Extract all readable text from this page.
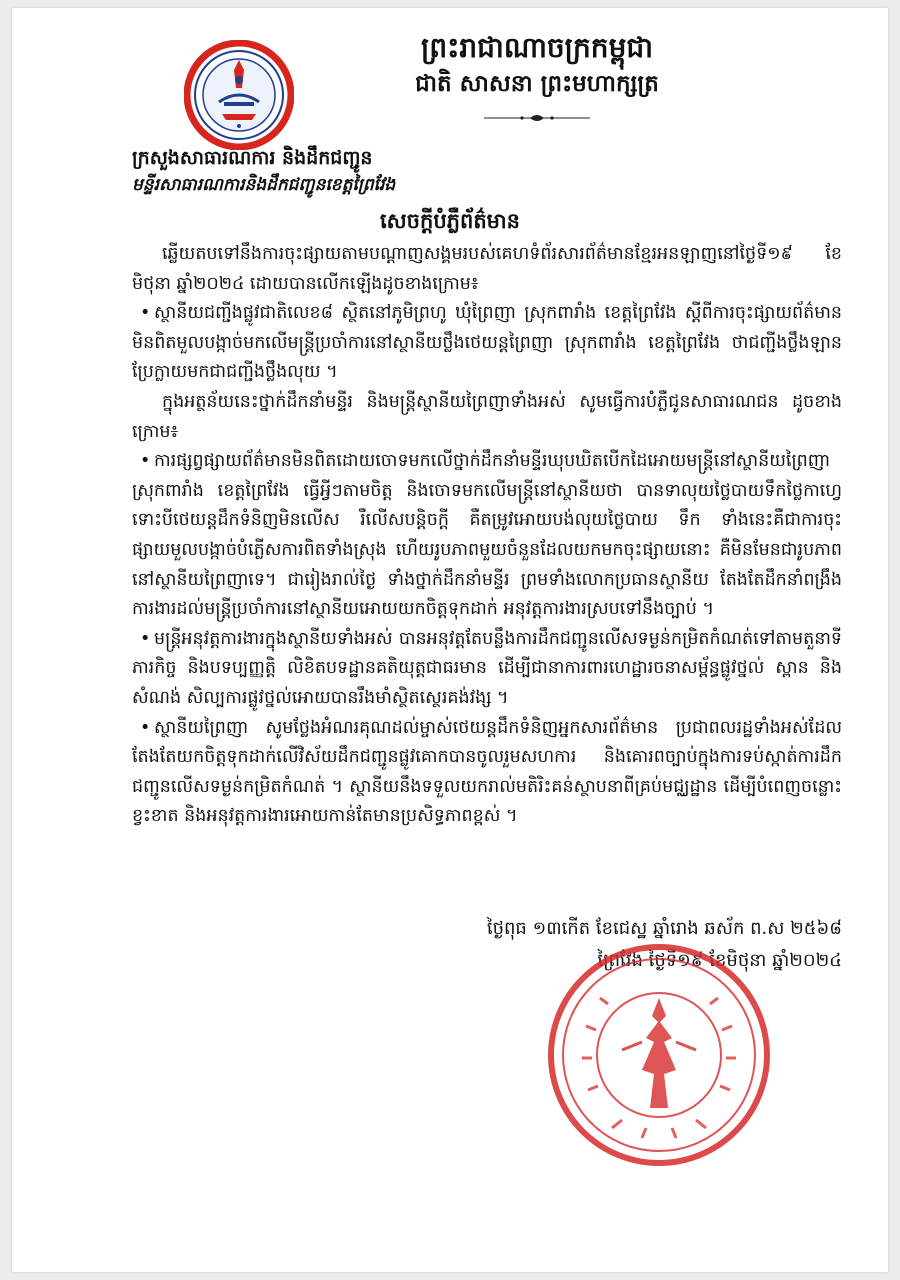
ព្រះរាជាណាចក្រកម្ពុជា
ជាតិ សាសនា ព្រះមហាក្សត្រ
ក្រសួងសាធារណការ និងដឹកជញ្ជូន
មន្ទីរសាធារណការនិងដឹកជញ្ជូនខេត្តព្រៃវែង
សេចក្តីបំភ្លឺព័ត៌មាន

ឆ្លើយតបទៅនឹងការចុះផ្សាយតាមបណ្តាញសង្គមរបស់គេហទំព័រសារព័ត៌មានខ្មែរអនឡាញនៅថ្ងៃទី១៩ ខែមិថុនា ឆ្នាំ២០២៤ ដោយបានលើកឡើងដូចខាងក្រោម៖

• ស្ថានីយជញ្ជីងផ្លូវជាតិលេខ៨ ស្ថិតនៅភូមិព្រហូ ឃុំព្រៃញា ស្រុកពារាំង ខេត្តព្រៃវែង ស្តីពីការចុះផ្សាយព័ត៌មានមិនពិតមួលបង្កាច់មកលើមន្ត្រីប្រចាំការនៅស្ថានីយថ្លឹងថេយន្តព្រៃញា ស្រុកពារាំង ខេត្តព្រៃវែង ថាជញ្ជីងថ្លឹងឡាន ប្រែក្លាយមកជាជញ្ជីងថ្លឹងលុយ ។

ក្នុងអត្ថន័យនេះថ្នាក់ដឹកនាំមន្ទីរ និងមន្ត្រីស្ថានីយព្រៃញាទាំងអស់ សូមធ្វើការបំភ្លឺជូនសាធារណជន ដូចខាងក្រោម៖

• ការផ្សព្វផ្សាយព័ត៌មានមិនពិតដោយចោទមកលើថ្នាក់ដឹកនាំមន្ទីរឃុបឃិតបើកដៃអោយមន្ត្រីនៅស្ថានីយព្រៃញាស្រុកពារាំង ខេត្តព្រៃវែង ធ្វើអ្វីៗតាមចិត្ត និងចោទមកលើមន្ត្រីនៅស្ថានីយថា បានទាលុយថ្លៃបាយទឹកថ្លៃកាហ្វេ ទោះបីថេយន្តដឹកទំនិញមិនលើស រឺលើសបន្តិចក្តី គឺតម្រូវអោយបង់លុយថ្លៃបាយ ទឹក ទាំងនេះគឺជាការចុះផ្សាយមួលបង្កាច់បំភ្លើសការពិតទាំងស្រុង ហើយរូបភាពមួយចំនួនដែលយកមកចុះផ្សាយនោះ គឺមិនមែនជារូបភាពនៅស្ថានីយព្រៃញាទេ។ ជារៀងរាល់ថ្ងៃ ទាំងថ្នាក់ដឹកនាំមន្ទីរ ព្រមទាំងលោកប្រធានស្ថានីយ តែងតែដឹកនាំពង្រឹងការងារដល់មន្ត្រីប្រចាំការនៅស្ថានីយអោយយកចិត្តទុកដាក់ អនុវត្តការងារស្របទៅនឹងច្បាប់ ។

• មន្ត្រីអនុវត្តការងារក្នុងស្ថានីយទាំងអស់ បានអនុវត្តតែបន្លឹងការដឹកជញ្ជូនលើសទម្ងន់កម្រិតកំណត់ទៅតាមតួនាទីភារកិច្ច និងបទប្បញ្ញត្តិ លិខិតបទដ្ឋានគតិយុត្តជាធរមាន ដើម្បីជានាការពារហេដ្ឋារចនាសម្ព័ន្ធផ្លូវថ្នល់ ស្ពាន និងសំណង់ សិល្បការផ្លូវថ្នល់អោយបានរឹងមាំស្ថិតស្ថេរគង់វង្ស ។

• ស្ថានីយព្រៃញា សូមថ្លែងអំណរគុណដល់ម្ចាស់ថេយន្តដឹកទំនិញអ្នកសារព័ត៌មាន ប្រជាពលរដ្ឋទាំងអស់ដែលតែងតែយកចិត្តទុកដាក់លើវិស័យដឹកជញ្ជូនផ្លូវគោកបានចូលរួមសហការ និងគោរពច្បាប់ក្នុងការទប់ស្កាត់ការដឹកជញ្ជូនលើសទម្ងន់កម្រិតកំណត់ ។ ស្ថានីយនឹងទទួលយករាល់មតិរិះគន់ស្ថាបនាពីគ្រប់មជ្ឈដ្ឋាន ដើម្បីបំពេញចន្លោះខ្វះខាត និងអនុវត្តការងារអោយកាន់តែមានប្រសិទ្ធភាពខ្ពស់ ។

ថ្ងៃពុធ ១៣កើត ខែជេស្ឋ ឆ្នាំរោង ឆស័ក ព.ស ២៥៦៨
ព្រៃវែង ថ្ងៃទី១៩ ខែមិថុនា ឆ្នាំ២០២៤
